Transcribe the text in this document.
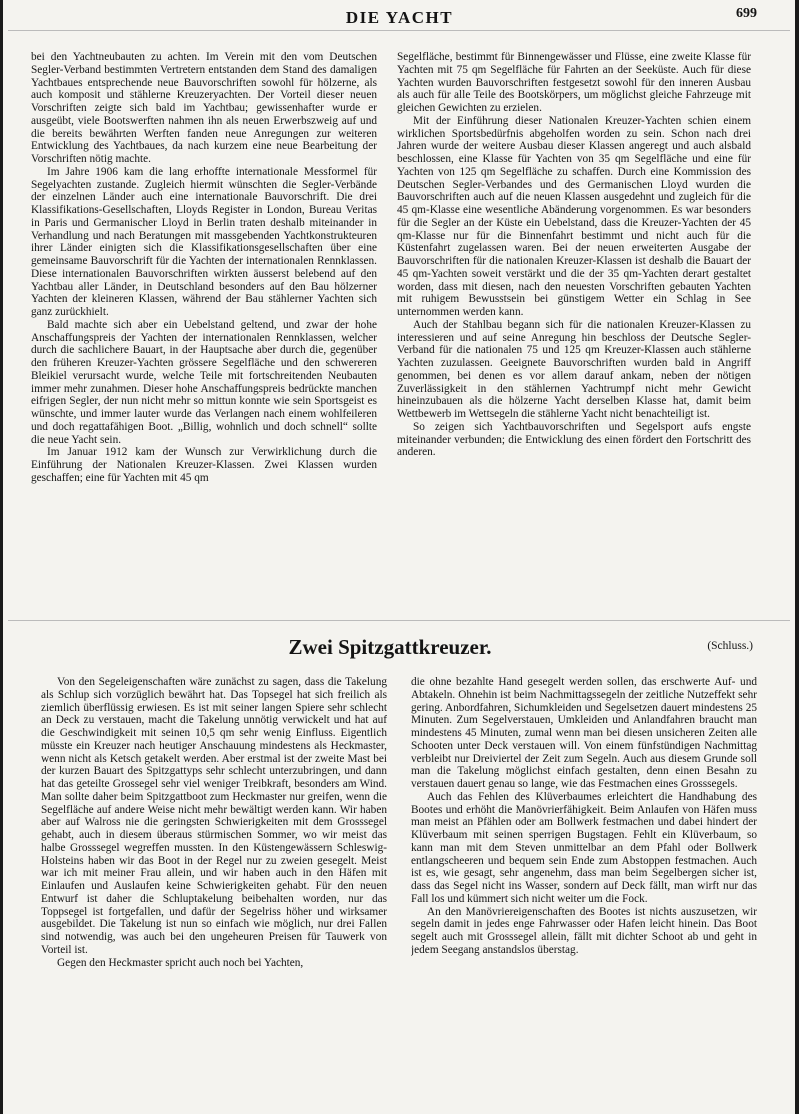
DIE YACHT	699

bei den Yachtneubauten zu achten. Im Verein mit den vom Deutschen Segler-Verband bestimmten Vertretern entstanden dem Stand des damaligen Yachtbaues entsprechende neue Bauvorschriften sowohl für hölzerne, als auch komposit und stählerne Kreuzeryachten. Der Vorteil dieser neuen Vorschriften zeigte sich bald im Yachtbau; gewissenhafter wurde er ausgeübt, viele Bootswerften nahmen ihn als neuen Erwerbszweig auf und die bereits bewährten Werften fanden neue Anregungen zur weiteren Entwicklung des Yachtbaues, da nach kurzem eine neue Bearbeitung der Vorschriften nötig machte.

Im Jahre 1906 kam die lang erhoffte internationale Messformel für Segelyachten zustande. Zugleich hiermit wünschten die Segler-Verbände der einzelnen Länder auch eine internationale Bauvorschrift. Die drei Klassifikations-Gesellschaften, Lloyds Register in London, Bureau Veritas in Paris und Germanischer Lloyd in Berlin traten deshalb miteinander in Verhandlung und nach Beratungen mit massgebenden Yachtkonstrukteuren ihrer Länder einigten sich die Klassifikationsgesellschaften über eine gemeinsame Bauvorschrift für die Yachten der internationalen Rennklassen. Diese internationalen Bauvorschriften wirkten äusserst belebend auf den Yachtbau aller Länder, in Deutschland besonders auf den Bau hölzerner Yachten der kleineren Klassen, während der Bau stählerner Yachten sich ganz zurückhielt.

Bald machte sich aber ein Uebelstand geltend, und zwar der hohe Anschaffungspreis der Yachten der internationalen Rennklassen, welcher durch die sachlichere Bauart, in der Hauptsache aber durch die, gegenüber den früheren Kreuzer-Yachten grössere Segelfläche und den schwereren Bleikiel verursacht wurde, welche Teile mit fortschreitenden Neubauten immer mehr zunahmen. Dieser hohe Anschaffungspreis bedrückte manchen eifrigen Segler, der nun nicht mehr so mittun konnte wie sein Sportsgeist es wünschte, und immer lauter wurde das Verlangen nach einem wohlfeileren und doch regattafähigen Boot. „Billig, wohnlich und doch schnell“ sollte die neue Yacht sein.

Im Januar 1912 kam der Wunsch zur Verwirklichung durch die Einführung der Nationalen Kreuzer-Klassen. Zwei Klassen wurden geschaffen; eine für Yachten mit 45 qm

Segelfläche, bestimmt für Binnengewässer und Flüsse, eine zweite Klasse für Yachten mit 75 qm Segelfläche für Fahrten an der Seeküste. Auch für diese Yachten wurden Bauvorschriften festgesetzt sowohl für den inneren Ausbau als auch für alle Teile des Bootskörpers, um möglichst gleiche Fahrzeuge mit gleichen Gewichten zu erzielen.

Mit der Einführung dieser Nationalen Kreuzer-Yachten schien einem wirklichen Sportsbedürfnis abgeholfen worden zu sein. Schon nach drei Jahren wurde der weitere Ausbau dieser Klassen angeregt und auch alsbald beschlossen, eine Klasse für Yachten von 35 qm Segelfläche und eine für Yachten von 125 qm Segelfläche zu schaffen. Durch eine Kommission des Deutschen Segler-Verbandes und des Germanischen Lloyd wurden die Bauvorschriften auch auf die neuen Klassen ausgedehnt und zugleich für die 45 qm-Klasse eine wesentliche Abänderung vorgenommen. Es war besonders für die Segler an der Küste ein Uebelstand, dass die Kreuzer-Yachten der 45 qm-Klasse nur für die Binnenfahrt bestimmt und nicht auch für die Küstenfahrt zugelassen waren. Bei der neuen erweiterten Ausgabe der Bauvorschriften für die nationalen Kreuzer-Klassen ist deshalb die Bauart der 45 qm-Yachten soweit verstärkt und die der 35 qm-Yachten derart gestaltet worden, dass mit diesen, nach den neuesten Vorschriften gebauten Yachten mit ruhigem Bewusstsein bei günstigem Wetter ein Schlag in See unternommen werden kann.

Auch der Stahlbau begann sich für die nationalen Kreuzer-Klassen zu interessieren und auf seine Anregung hin beschloss der Deutsche Segler-Verband für die nationalen 75 und 125 qm Kreuzer-Klassen auch stählerne Yachten zuzulassen. Geeignete Bauvorschriften wurden bald in Angriff genommen, bei denen es vor allem darauf ankam, neben der nötigen Zuverlässigkeit in den stählernen Yachtrumpf nicht mehr Gewicht hineinzubauen als die hölzerne Yacht derselben Klasse hat, damit beim Wettbewerb im Wettsegeln die stählerne Yacht nicht benachteiligt ist.

So zeigen sich Yachtbauvorschriften und Segelsport aufs engste miteinander verbunden; die Entwicklung des einen fördert den Fortschritt des anderen.

Zwei Spitzgattkreuzer.	(Schluss.)

Von den Segeleigenschaften wäre zunächst zu sagen, dass die Takelung als Schlup sich vorzüglich bewährt hat. Das Topsegel hat sich freilich als ziemlich überflüssig erwiesen. Es ist mit seiner langen Spiere sehr schlecht an Deck zu verstauen, macht die Takelung unnötig verwickelt und hat auf die Geschwindigkeit mit seinen 10,5 qm sehr wenig Einfluss. Eigentlich müsste ein Kreuzer nach heutiger Anschauung mindestens als Heckmaster, wenn nicht als Ketsch getakelt werden. Aber erstmal ist der zweite Mast bei der kurzen Bauart des Spitzgattyps sehr schlecht unterzubringen, und dann hat das geteilte Grossegel sehr viel weniger Treibkraft, besonders am Wind. Man sollte daher beim Spitzgattboot zum Heckmaster nur greifen, wenn die Segelfläche auf andere Weise nicht mehr bewältigt werden kann. Wir haben aber auf Walross nie die geringsten Schwierigkeiten mit dem Grosssegel gehabt, auch in diesem überaus stürmischen Sommer, wo wir meist das halbe Grosssegel wegreffen mussten. In den Küstengewässern Schleswig-Holsteins haben wir das Boot in der Regel nur zu zweien gesegelt. Meist war ich mit meiner Frau allein, und wir haben auch in den Häfen mit Einlaufen und Auslaufen keine Schwierigkeiten gehabt. Für den neuen Entwurf ist daher die Schluptakelung beibehalten worden, nur das Toppsegel ist fortgefallen, und dafür der Segelriss höher und wirksamer ausgebildet. Die Takelung ist nun so einfach wie möglich, nur drei Fallen sind notwendig, was auch bei den ungeheuren Preisen für Tauwerk von Vorteil ist.

Gegen den Heckmaster spricht auch noch bei Yachten,

die ohne bezahlte Hand gesegelt werden sollen, das erschwerte Auf- und Abtakeln. Ohnehin ist beim Nachmittagssegeln der zeitliche Nutzeffekt sehr gering. Anbordfahren, Sichumkleiden und Segelsetzen dauert mindestens 25 Minuten. Zum Segelverstauen, Umkleiden und Anlandfahren braucht man mindestens 45 Minuten, zumal wenn man bei diesen unsicheren Zeiten alle Schooten unter Deck verstauen will. Von einem fünfstündigen Nachmittag verbleibt nur Dreiviertel der Zeit zum Segeln. Auch aus diesem Grunde soll man die Takelung möglichst einfach gestalten, denn einen Besahn zu verstauen dauert genau so lange, wie das Festmachen eines Grosssegels.

Auch das Fehlen des Klüverbaumes erleichtert die Handhabung des Bootes und erhöht die Manövrierfähigkeit. Beim Anlaufen von Häfen muss man meist an Pfählen oder am Bollwerk festmachen und dabei hindert der Klüverbaum mit seinen sperrigen Bugstagen. Fehlt ein Klüverbaum, so kann man mit dem Steven unmittelbar an dem Pfahl oder Bollwerk entlangscheeren und bequem sein Ende zum Abstoppen festmachen. Auch ist es, wie gesagt, sehr angenehm, dass man beim Segelbergen sicher ist, dass das Segel nicht ins Wasser, sondern auf Deck fällt, man wirft nur das Fall los und kümmert sich nicht weiter um die Fock.

An den Manövriereigenschaften des Bootes ist nichts auszusetzen, wir segeln damit in jedes enge Fahrwasser oder Hafen leicht hinein. Das Boot segelt auch mit Grosssegel allein, fällt mit dichter Schoot ab und geht in jedem Seegang anstandslos überstag.
